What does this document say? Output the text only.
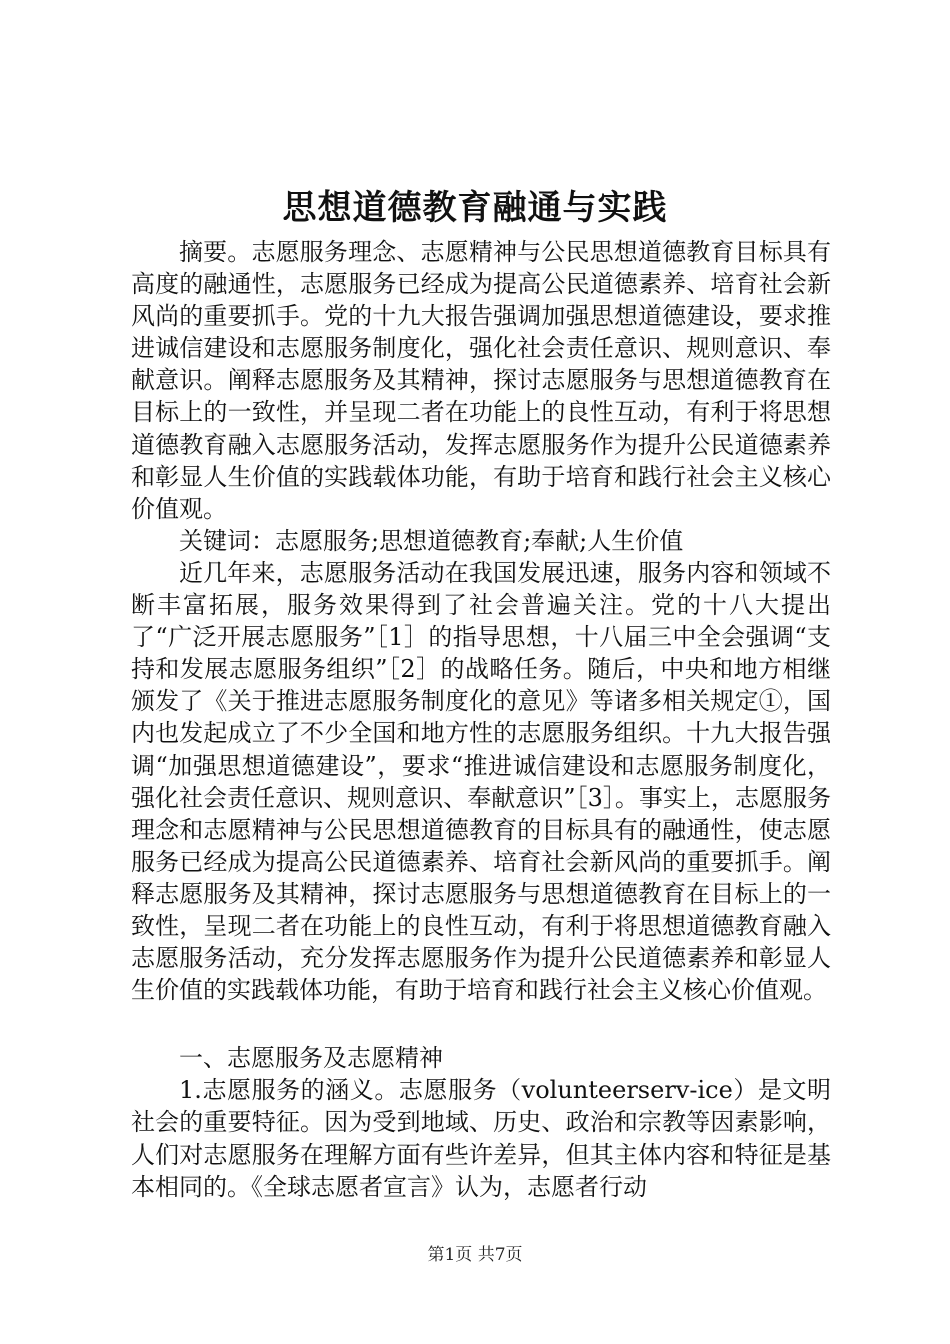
思想道德教育融通与实践

摘要。志愿服务理念、志愿精神与公民思想道德教育目标具有高度的融通性，志愿服务已经成为提高公民道德素养、培育社会新风尚的重要抓手。党的十九大报告强调加强思想道德建设，要求推进诚信建设和志愿服务制度化，强化社会责任意识、规则意识、奉献意识。阐释志愿服务及其精神，探讨志愿服务与思想道德教育在目标上的一致性，并呈现二者在功能上的良性互动，有利于将思想道德教育融入志愿服务活动，发挥志愿服务作为提升公民道德素养和彰显人生价值的实践载体功能，有助于培育和践行社会主义核心价值观。

关键词：志愿服务;思想道德教育;奉献;人生价值

近几年来，志愿服务活动在我国发展迅速，服务内容和领域不断丰富拓展，服务效果得到了社会普遍关注。党的十八大提出了“广泛开展志愿服务”［1］的指导思想，十八届三中全会强调“支持和发展志愿服务组织”［2］的战略任务。随后，中央和地方相继颁发了《关于推进志愿服务制度化的意见》等诸多相关规定①，国内也发起成立了不少全国和地方性的志愿服务组织。十九大报告强调“加强思想道德建设”，要求“推进诚信建设和志愿服务制度化，强化社会责任意识、规则意识、奉献意识”［3］。事实上，志愿服务理念和志愿精神与公民思想道德教育的目标具有的融通性，使志愿服务已经成为提高公民道德素养、培育社会新风尚的重要抓手。阐释志愿服务及其精神，探讨志愿服务与思想道德教育在目标上的一致性，呈现二者在功能上的良性互动，有利于将思想道德教育融入志愿服务活动，充分发挥志愿服务作为提升公民道德素养和彰显人生价值的实践载体功能，有助于培育和践行社会主义核心价值观。

一、志愿服务及志愿精神

1.志愿服务的涵义。志愿服务（volunteerserv-ice）是文明社会的重要特征。因为受到地域、历史、政治和宗教等因素影响，人们对志愿服务在理解方面有些许差异，但其主体内容和特征是基本相同的。《全球志愿者宣言》认为，志愿者行动

第1页 共7页
